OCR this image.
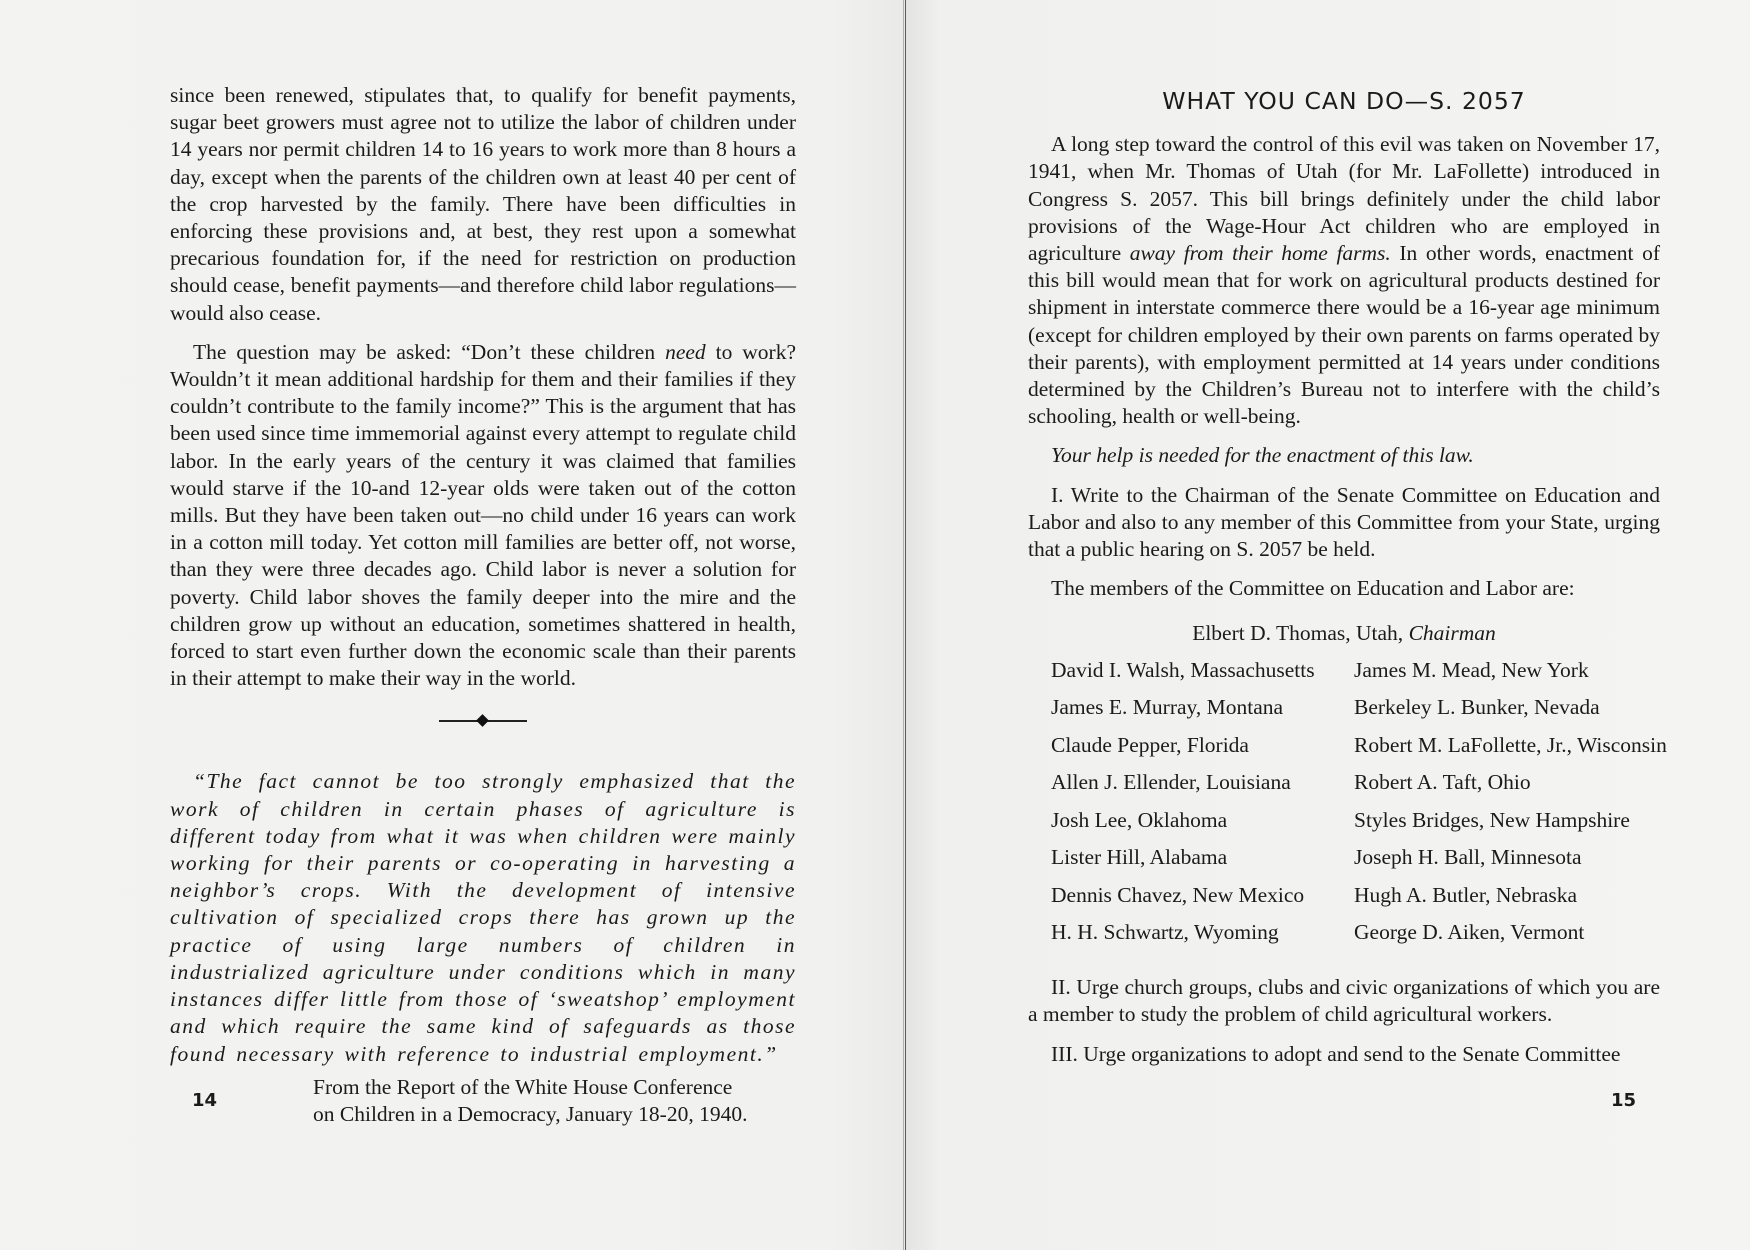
since been renewed, stipulates that, to qualify for benefit payments, sugar beet growers must agree not to utilize the labor of children under 14 years nor permit children 14 to 16 years to work more than 8 hours a day, except when the parents of the children own at least 40 per cent of the crop harvested by the family. There have been difficulties in enforcing these provisions and, at best, they rest upon a somewhat precarious foundation for, if the need for restriction on production should cease, benefit payments—and therefore child labor regulations—would also cease.

The question may be asked: “Don’t these children need to work? Wouldn’t it mean additional hardship for them and their families if they couldn’t contribute to the family income?” This is the argument that has been used since time immemorial against every attempt to regulate child labor. In the early years of the century it was claimed that families would starve if the 10-and 12-year olds were taken out of the cotton mills. But they have been taken out—no child under 16 years can work in a cotton mill today. Yet cotton mill families are better off, not worse, than they were three decades ago. Child labor is never a solution for poverty. Child labor shoves the family deeper into the mire and the children grow up without an education, sometimes shattered in health, forced to start even further down the economic scale than their parents in their attempt to make their way in the world.

“The fact cannot be too strongly emphasized that the work of children in certain phases of agriculture is different today from what it was when children were mainly working for their parents or co-operating in harvesting a neighbor’s crops. With the development of intensive cultivation of specialized crops there has grown up the practice of using large numbers of children in industrialized agriculture under conditions which in many instances differ little from those of ‘sweatshop’ employment and which require the same kind of safeguards as those found necessary with reference to industrial employment.”

From the Report of the White House Conference
on Children in a Democracy, January 18-20, 1940.
14
WHAT YOU CAN DO—S. 2057

A long step toward the control of this evil was taken on November 17, 1941, when Mr. Thomas of Utah (for Mr. LaFollette) introduced in Congress S. 2057. This bill brings definitely under the child labor provisions of the Wage-Hour Act children who are employed in agriculture away from their home farms. In other words, enactment of this bill would mean that for work on agricultural products destined for shipment in interstate commerce there would be a 16-year age minimum (except for children employed by their own parents on farms operated by their parents), with employment permitted at 14 years under conditions determined by the Children’s Bureau not to interfere with the child’s schooling, health or well-being.

Your help is needed for the enactment of this law.

I. Write to the Chairman of the Senate Committee on Education and Labor and also to any member of this Committee from your State, urging that a public hearing on S. 2057 be held.

The members of the Committee on Education and Labor are:

Elbert D. Thomas, Utah, Chairman
David I. Walsh, Massachusetts	James M. Mead, New York
James E. Murray, Montana	Berkeley L. Bunker, Nevada
Claude Pepper, Florida	Robert M. LaFollette, Jr., Wisconsin
Allen J. Ellender, Louisiana	Robert A. Taft, Ohio
Josh Lee, Oklahoma	Styles Bridges, New Hampshire
Lister Hill, Alabama	Joseph H. Ball, Minnesota
Dennis Chavez, New Mexico	Hugh A. Butler, Nebraska
H. H. Schwartz, Wyoming	George D. Aiken, Vermont

II. Urge church groups, clubs and civic organizations of which you are a member to study the problem of child agricultural workers.

III. Urge organizations to adopt and send to the Senate Committee

15
